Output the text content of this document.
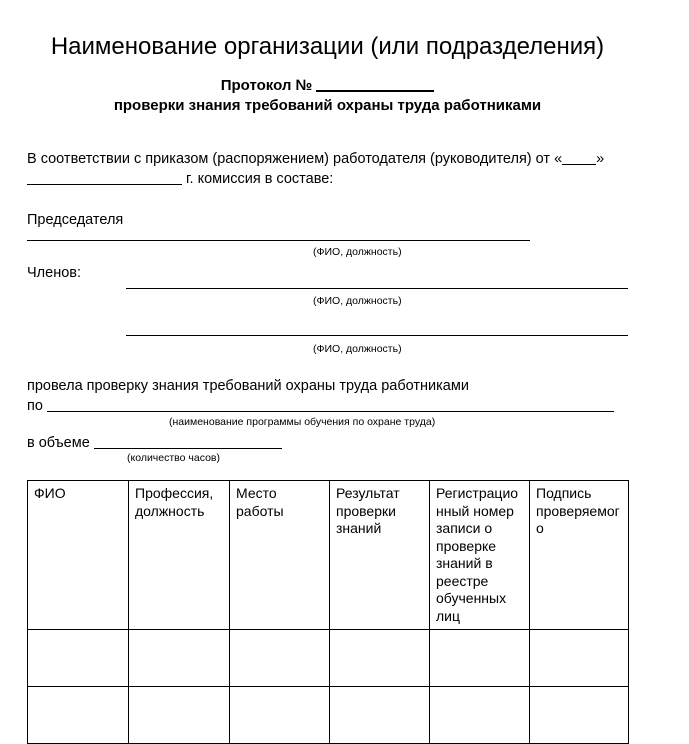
Наименование организации (или подразделения)
Протокол №
проверки знания требований охраны труда работниками
В соответствии с приказом (распоряжением) работодателя (руководителя) от « »
г. комиссия в составе:
Председателя
(ФИО, должность)
Членов:
(ФИО, должность)
(ФИО, должность)
провела проверку знания требований охраны труда работниками
по
(наименование программы обучения по охране труда)
в объеме
(количество часов)
ФИО	Профессия, должность	Место работы	Результат проверки знаний	Регистрационный номер записи о проверке знаний в реестре обученных лиц	Подпись проверяемого
